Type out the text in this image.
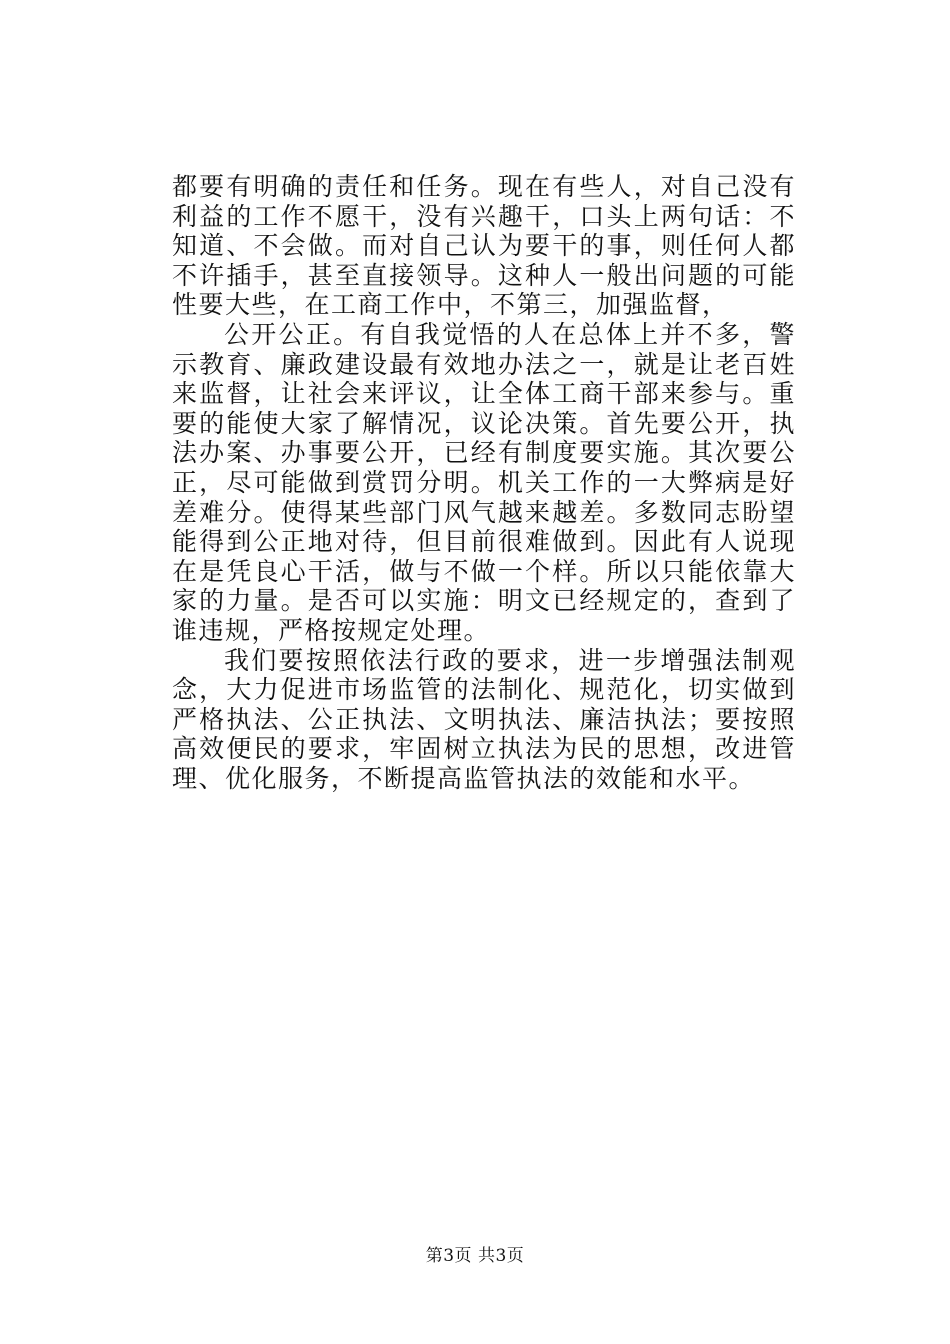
都要有明确的责任和任务。现在有些人，对自己没有利益的工作不愿干，没有兴趣干，口头上两句话：不知道、不会做。而对自己认为要干的事，则任何人都不许插手，甚至直接领导。这种人一般出问题的可能性要大些，在工商工作中，不第三，加强监督，

公开公正。有自我觉悟的人在总体上并不多，警示教育、廉政建设最有效地办法之一，就是让老百姓来监督，让社会来评议，让全体工商干部来参与。重要的能使大家了解情况，议论决策。首先要公开，执法办案、办事要公开，已经有制度要实施。其次要公正，尽可能做到赏罚分明。机关工作的一大弊病是好差难分。使得某些部门风气越来越差。多数同志盼望能得到公正地对待，但目前很难做到。因此有人说现在是凭良心干活，做与不做一个样。所以只能依靠大家的力量。是否可以实施：明文已经规定的，查到了谁违规，严格按规定处理。

我们要按照依法行政的要求，进一步增强法制观念，大力促进市场监管的法制化、规范化，切实做到严格执法、公正执法、文明执法、廉洁执法；要按照高效便民的要求，牢固树立执法为民的思想，改进管理、优化服务，不断提高监管执法的效能和水平。

第3页 共3页
